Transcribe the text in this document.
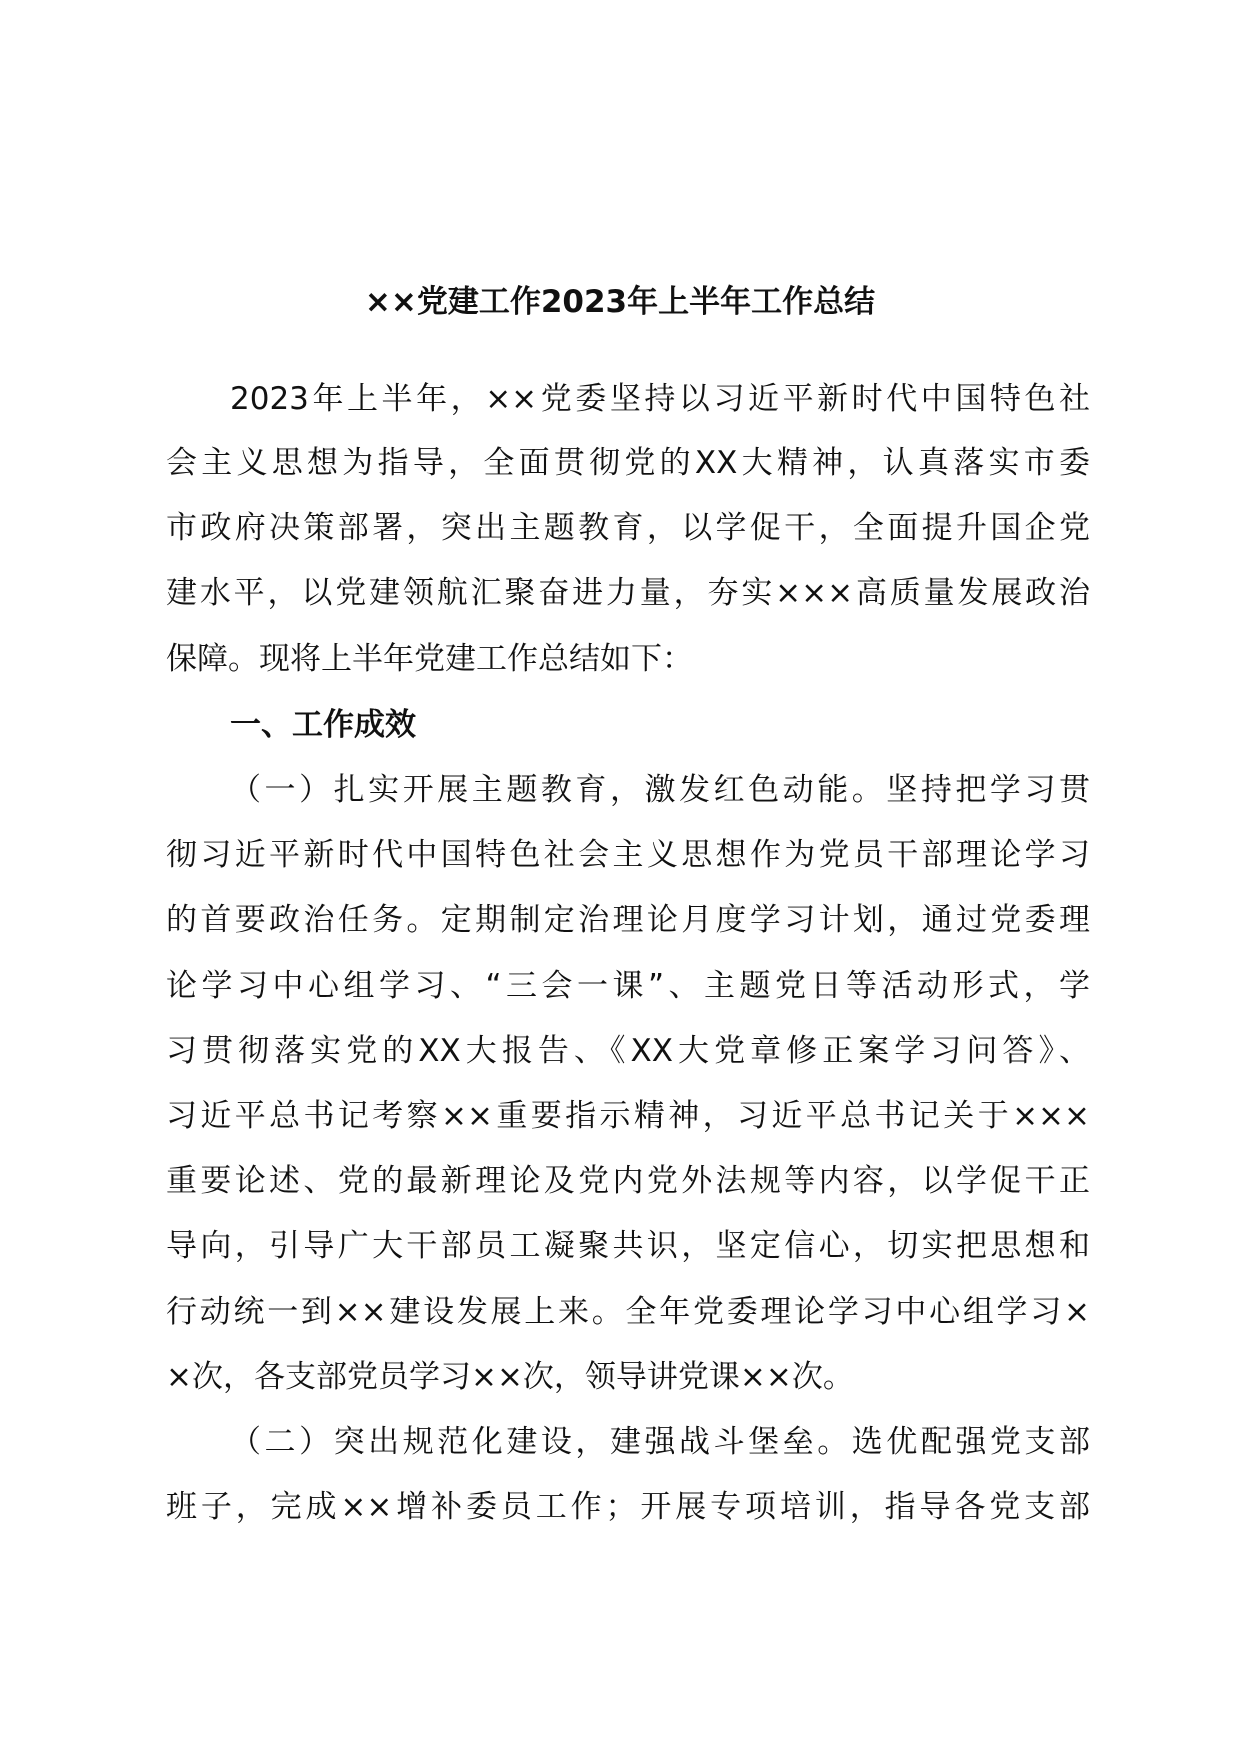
××党建工作2023年上半年工作总结
2023年上半年，××党委坚持以习近平新时代中国特色社
会主义思想为指导，全面贯彻党的XX大精神，认真落实市委
市政府决策部署，突出主题教育，以学促干，全面提升国企党
建水平，以党建领航汇聚奋进力量，夯实×××高质量发展政治
保障。现将上半年党建工作总结如下：
一、工作成效
（一）扎实开展主题教育，激发红色动能。坚持把学习贯
彻习近平新时代中国特色社会主义思想作为党员干部理论学习
的首要政治任务。定期制定治理论月度学习计划，通过党委理
论学习中心组学习、“三会一课”、主题党日等活动形式，学
习贯彻落实党的XX大报告、《XX大党章修正案学习问答》、
习近平总书记考察××重要指示精神，习近平总书记关于×××
重要论述、党的最新理论及党内党外法规等内容，以学促干正
导向，引导广大干部员工凝聚共识，坚定信心，切实把思想和
行动统一到××建设发展上来。全年党委理论学习中心组学习×
×次，各支部党员学习××次，领导讲党课××次。
（二）突出规范化建设，建强战斗堡垒。选优配强党支部
班子，完成××增补委员工作；开展专项培训，指导各党支部
